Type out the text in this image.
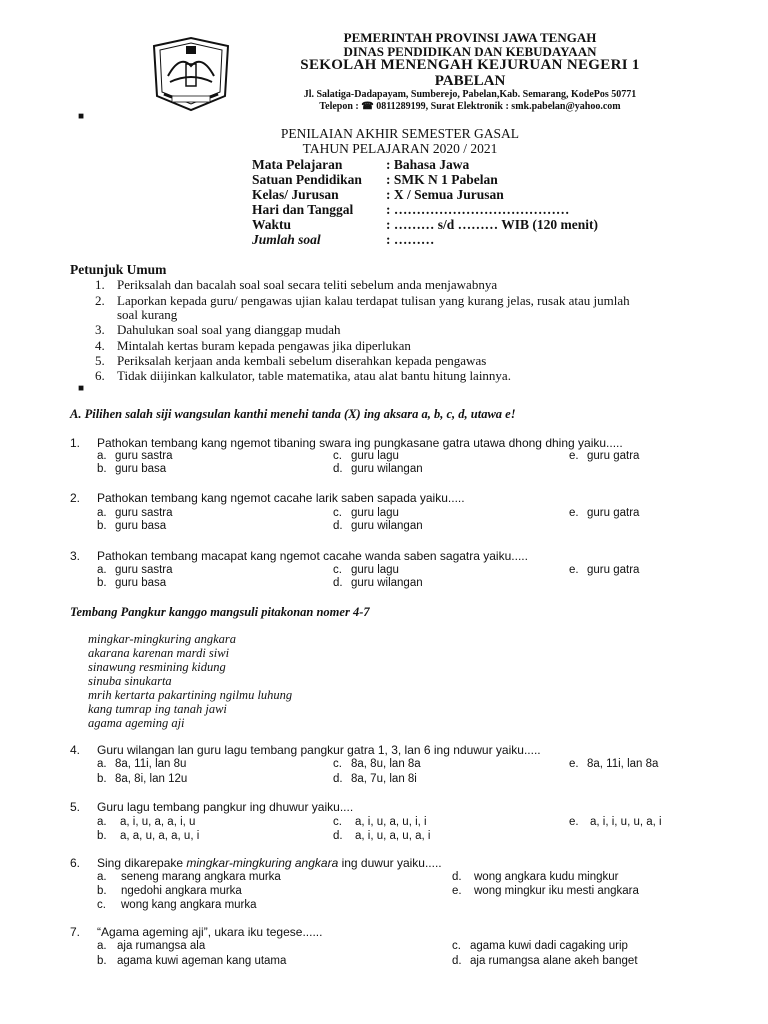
PEMERINTAH PROVINSI JAWA TENGAH
DINAS PENDIDIKAN DAN KEBUDAYAAN
SEKOLAH MENENGAH KEJURUAN NEGERI 1
PABELAN
Jl. Salatiga-Dadapayam, Sumberejo, Pabelan,Kab. Semarang, KodePos 50771
Telepon : ☎ 0811289199, Surat Elektronik : smk.pabelan@yahoo.com
■
PENILAIAN AKHIR SEMESTER GASAL
TAHUN PELAJARAN 2020 / 2021
Mata Pelajaran	: Bahasa Jawa
Satuan Pendidikan : SMK N 1 Pabelan
Kelas/ Jurusan	: X / Semua Jurusan
Hari dan Tanggal : …………………………………
Waktu	: ……… s/d ……… WIB (120 menit)
Jumlah soal	: ………
Petunjuk Umum
1. Periksalah dan bacalah soal soal secara teliti sebelum anda menjawabnya
2. Laporkan kepada guru/ pengawas ujian kalau terdapat tulisan yang kurang jelas, rusak atau jumlah
soal kurang
3. Dahulukan soal soal yang dianggap mudah
4. Mintalah kertas buram kepada pengawas jika diperlukan
5. Periksalah kerjaan anda kembali sebelum diserahkan kepada pengawas
6. Tidak diijinkan kalkulator, table matematika, atau alat bantu hitung lainnya.
■
A. Pilihen salah siji wangsulan kanthi menehi tanda (X) ing aksara a, b, c, d, utawa e!
1. Pathokan tembang kang ngemot tibaning swara ing pungkasane gatra utawa dhong dhing yaiku.....
a. guru sastra	c. guru lagu	e. guru gatra
b. guru basa	d. guru wilangan
2. Pathokan tembang kang ngemot cacahe larik saben sapada yaiku.....
a. guru sastra	c. guru lagu	e. guru gatra
b. guru basa	d. guru wilangan
3. Pathokan tembang macapat kang ngemot cacahe wanda saben sagatra yaiku.....
a. guru sastra	c. guru lagu	e. guru gatra
b. guru basa	d. guru wilangan
Tembang Pangkur kanggo mangsuli pitakonan nomer 4-7
mingkar-mingkuring angkara
akarana karenan mardi siwi
sinawung resmining kidung
sinuba sinukarta
mrih kertarta pakartining ngilmu luhung
kang tumrap ing tanah jawi
agama ageming aji
4. Guru wilangan lan guru lagu tembang pangkur gatra 1, 3, lan 6 ing nduwur yaiku.....
a. 8a, 11i, lan 8u	c. 8a, 8u, lan 8a	e. 8a, 11i, lan 8a
b. 8a, 8i, lan 12u	d. 8a, 7u, lan 8i
5. Guru lagu tembang pangkur ing dhuwur yaiku....
a. a, i, u, a, a, i, u	c. a, i, u, a, u, i, i	e. a, i, i, u, u, a, i
b. a, a, u, a, a, u, i	d. a, i, u, a, u, a, i
6. Sing dikarepake mingkar-mingkuring angkara ing duwur yaiku.....
a. seneng marang angkara murka	d. wong angkara kudu mingkur
b. ngedohi angkara murka	e. wong mingkur iku mesti angkara
c. wong kang angkara murka
7. “Agama ageming aji”, ukara iku tegese......
a. aja rumangsa ala	c. agama kuwi dadi cagaking urip
b. agama kuwi ageman kang utama	d. aja rumangsa alane akeh banget
